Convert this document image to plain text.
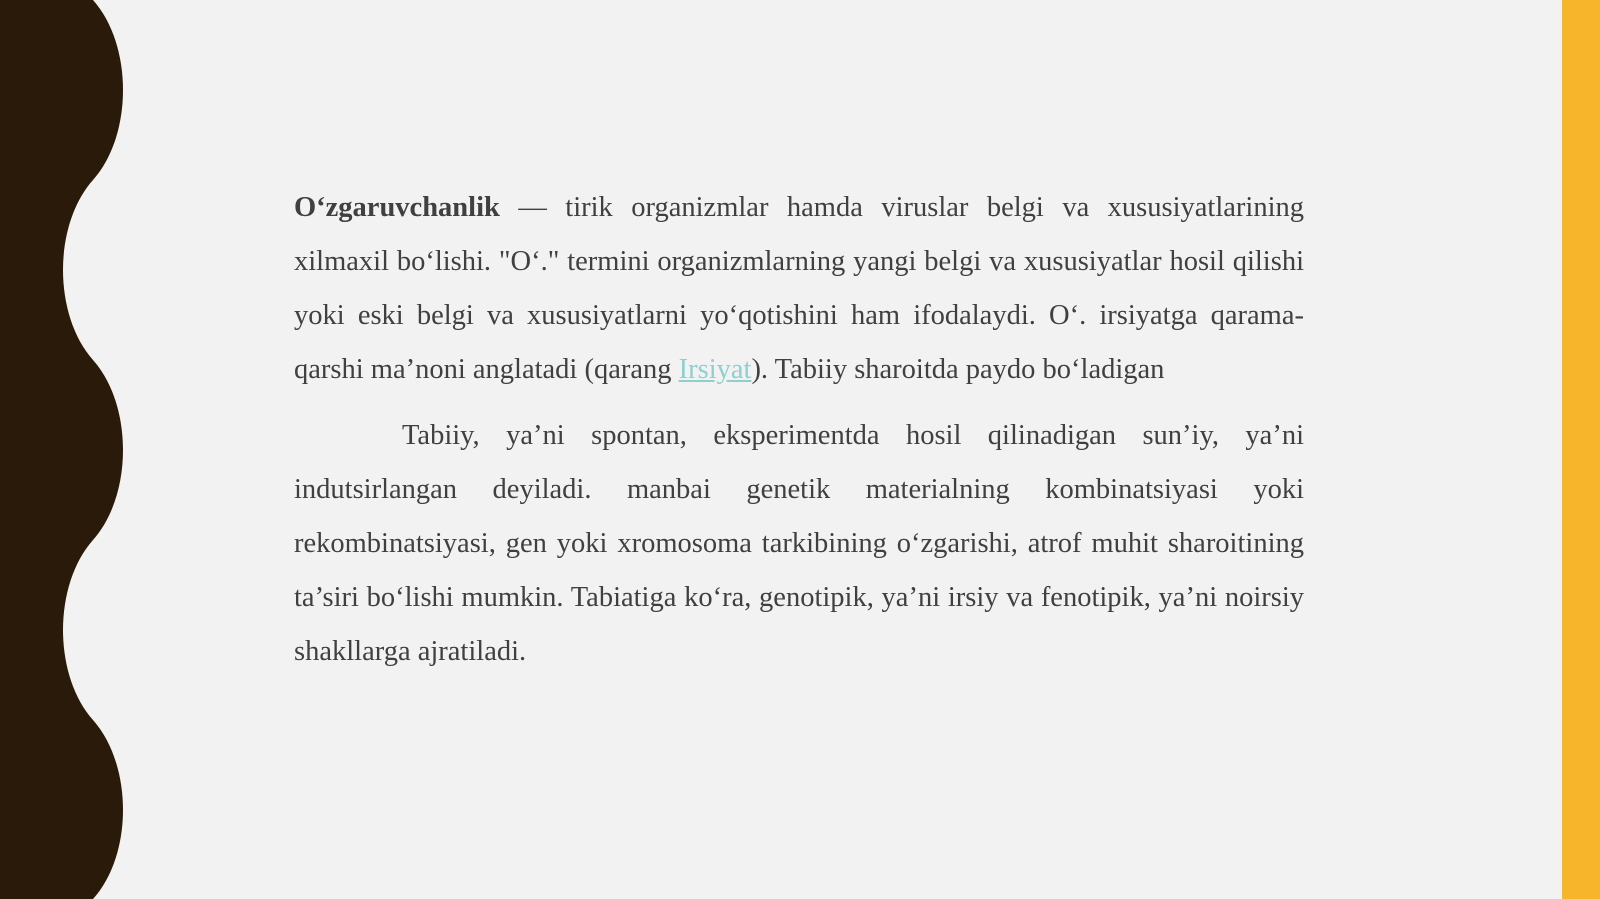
O‘zgaruvchanlik — tirik organizmlar hamda viruslar belgi va xususiyatlarining xilmaxil bo‘lishi. "O‘." termini organizmlarning yangi belgi va xususiyatlar hosil qilishi yoki eski belgi va xususiyatlarni yo‘qotishini ham ifodalaydi. O‘. irsiyatga qarama-qarshi ma’noni anglatadi (qarang Irsiyat). Tabiiy sharoitda paydo bo‘ladigan

Tabiiy, ya’ni spontan, eksperimentda hosil qilinadigan sun’iy, ya’ni indutsirlangan deyiladi. manbai genetik materialning kombinatsiyasi yoki rekombinatsiyasi, gen yoki xromosoma tarkibining o‘zgarishi, atrof muhit sharoitining ta’siri bo‘lishi mumkin. Tabiatiga ko‘ra, genotipik, ya’ni irsiy va fenotipik, ya’ni noirsiy shakllarga ajratiladi.
